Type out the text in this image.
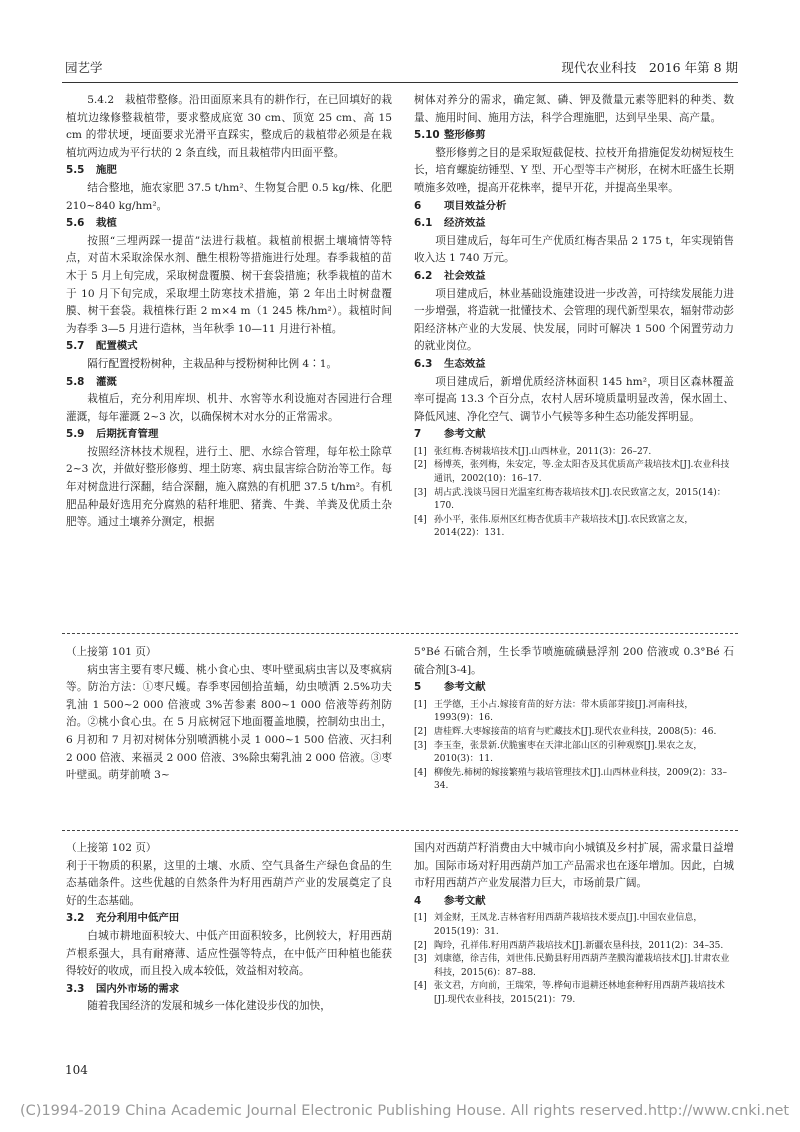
园艺学	现代农业科技　2016 年第 8 期

5.4.2　栽植带整修。沿田面原来具有的耕作行，在已回填好的栽植坑边缘修整栽植带，要求整成底宽 30 cm、顶宽 25 cm、高 15 cm 的带状埂，埂面要求光滑平直踩实，整成后的栽植带必须是在栽植坑两边成为平行状的 2 条直线，而且栽植带内田面平整。

5.5 施肥

结合整地，施农家肥 37.5 t/hm²、生物复合肥 0.5 kg/株、化肥 210~840 kg/hm²。

5.6 栽植

按照“三埋两踩一提苗”法进行栽植。栽植前根据土壤墒情等特点，对苗木采取涂保水剂、醮生根粉等措施进行处理。春季栽植的苗木于 5 月上旬完成，采取树盘覆膜、树干套袋措施；秋季栽植的苗木于 10 月下旬完成，采取埋土防寒技术措施，第 2 年出土时树盘覆膜、树干套袋。栽植株行距 2 m×4 m（1 245 株/hm²）。栽植时间为春季 3—5 月进行造林，当年秋季 10—11 月进行补植。

5.7 配置模式

隔行配置授粉树种，主栽品种与授粉树种比例 4∶1。

5.8 灌溉

栽植后，充分利用库坝、机井、水窖等水利设施对杏园进行合理灌溉，每年灌溉 2~3 次，以确保树木对水分的正常需求。

5.9 后期抚育管理

按照经济林技术规程，进行土、肥、水综合管理，每年松土除草 2~3 次，并做好整形修剪、埋土防寒、病虫鼠害综合防治等工作。每年对树盘进行深翻，结合深翻，施入腐熟的有机肥 37.5 t/hm²。有机肥品种最好选用充分腐熟的秸秆堆肥、猪粪、牛粪、羊粪及优质土杂肥等。通过土壤养分测定，根据

树体对养分的需求，确定氮、磷、钾及微量元素等肥料的种类、数量、施用时间、施用方法，科学合理施肥，达到早坐果、高产量。

5.10 整形修剪

整形修剪之目的是采取短截促枝、拉枝开角措施促发幼树短枝生长，培育螺旋纺锤型、Y 型、开心型等丰产树形，在树木旺盛生长期喷施多效唑，提高开花株率，提早开花，并提高坐果率。

6 项目效益分析
6.1 经济效益

项目建成后，每年可生产优质红梅杏果品 2 175 t，年实现销售收入达 1 740 万元。

6.2 社会效益

项目建成后，林业基础设施建设进一步改善，可持续发展能力进一步增强，将造就一批懂技术、会管理的现代新型果农，辐射带动彭阳经济林产业的大发展、快发展，同时可解决 1 500 个闲置劳动力的就业岗位。

6.3 生态效益

项目建成后，新增优质经济林面积 145 hm²，项目区森林覆盖率可提高 13.3 个百分点，农村人居环境质量明显改善，保水固土、降低风速、净化空气、调节小气候等多种生态功能发挥明显。

7 参考文献
[1] 张红梅.杏树栽培技术[J].山西林业，2011(3)：26–27.
[2] 杨博英，张列梅，朱安定，等.金太阳杏及其优质高产栽培技术[J].农业科技通讯，2002(10)：16–17.
[3] 胡占武.浅谈马园日光温室红梅杏栽培技术[J].农民致富之友，2015(14)：170.
[4] 孙小平，张伟.原州区红梅杏优质丰产栽培技术[J].农民致富之友，2014(22)：131.

（上接第 101 页）

病虫害主要有枣尺蠖、桃小食心虫、枣叶壁虱病虫害以及枣疯病等。防治方法：①枣尺蠖。春季枣园刨拾茧蛹，幼虫喷洒 2.5%功夫乳油 1 500~2 000 倍液或 3%苦参素 800~1 000 倍液等药剂防治。②桃小食心虫。在 5 月底树冠下地面覆盖地膜，控制幼虫出土，6 月初和 7 月初对树体分别喷洒桃小灵 1 000~1 500 倍液、灭扫利 2 000 倍液、来福灵 2 000 倍液、3%除虫菊乳油 2 000 倍液。③枣叶壁虱。萌芽前喷 3~

5°Bé 石硫合剂，生长季节喷施硫磺悬浮剂 200 倍液或 0.3°Bé 石硫合剂[3-4]。

5 参考文献
[1] 王学德，王小占.嫁接育苗的好方法：带木质部芽接[J].河南科技，1993(9)：16.
[2] 唐桂辉.大枣嫁接苗的培育与贮藏技术[J].现代农业科技，2008(5)：46.
[3] 李玉奎，张景新.伏脆蜜枣在天津北部山区的引种观察[J].果农之友，2010(3)：11.
[4] 柳俊先.柿树的嫁接繁殖与栽培管理技术[J].山西林业科技，2009(2)：33–34.

（上接第 102 页）

利于干物质的积累，这里的土壤、水质、空气具备生产绿色食品的生态基础条件。这些优越的自然条件为籽用西葫芦产业的发展奠定了良好的生态基础。

3.2 充分利用中低产田

白城市耕地面积较大、中低产田面积较多，比例较大，籽用西葫芦根系强大，具有耐瘠薄、适应性强等特点，在中低产田种植也能获得较好的收成，而且投入成本较低，效益相对较高。

3.3 国内外市场的需求

随着我国经济的发展和城乡一体化建设步伐的加快，

国内对西葫芦籽消费由大中城市向小城镇及乡村扩展，需求量日益增加。国际市场对籽用西葫芦加工产品需求也在逐年增加。因此，白城市籽用西葫芦产业发展潜力巨大，市场前景广阔。

4 参考文献
[1] 刘金财，王凤龙.吉林省籽用西葫芦栽培技术要点[J].中国农业信息，2015(19)：31.
[2] 陶玲，孔祥伟.籽用西葫芦栽培技术[J].新疆农垦科技，2011(2)：34–35.
[3] 刘康德，徐吉伟，刘世伟.民勤县籽用西葫芦垄膜沟灌栽培技术[J].甘肃农业科技，2015(6)：87–88.
[4] 张文君，方向前，王瑞荣，等.桦甸市退耕还林地套种籽用西葫芦栽培技术[J].现代农业科技，2015(21)：79.
104
(C)1994-2019 China Academic Journal Electronic Publishing House. All rights reserved. http://www.cnki.net
